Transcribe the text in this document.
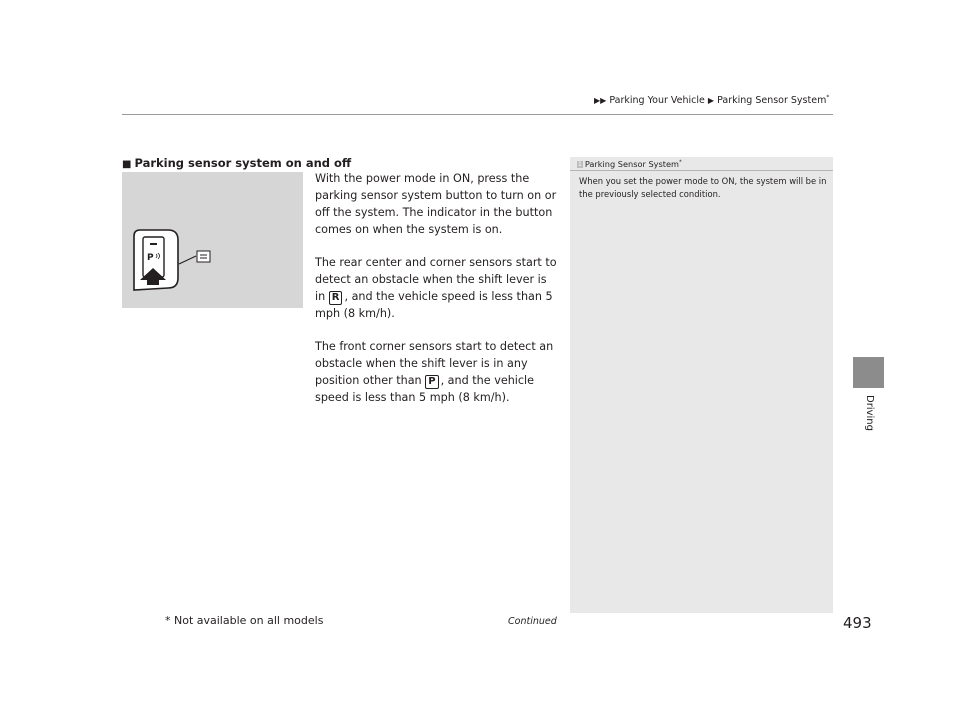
▶▶ Parking Your Vehicle ▶ Parking Sensor System*
■ Parking sensor system on and off
P

With the power mode in ON, press the parking sensor system button to turn on or off the system. The indicator in the button comes on when the system is on.

The rear center and corner sensors start to detect an obstacle when the shift lever is in R , and the vehicle speed is less than 5 mph (8 km/h).

The front corner sensors start to detect an obstacle when the shift lever is in any position other than P , and the vehicle speed is less than 5 mph (8 km/h).

1 Parking Sensor System*
When you set the power mode to ON, the system will be in the previously selected condition.
Driving
* Not available on all models	Continued	493
